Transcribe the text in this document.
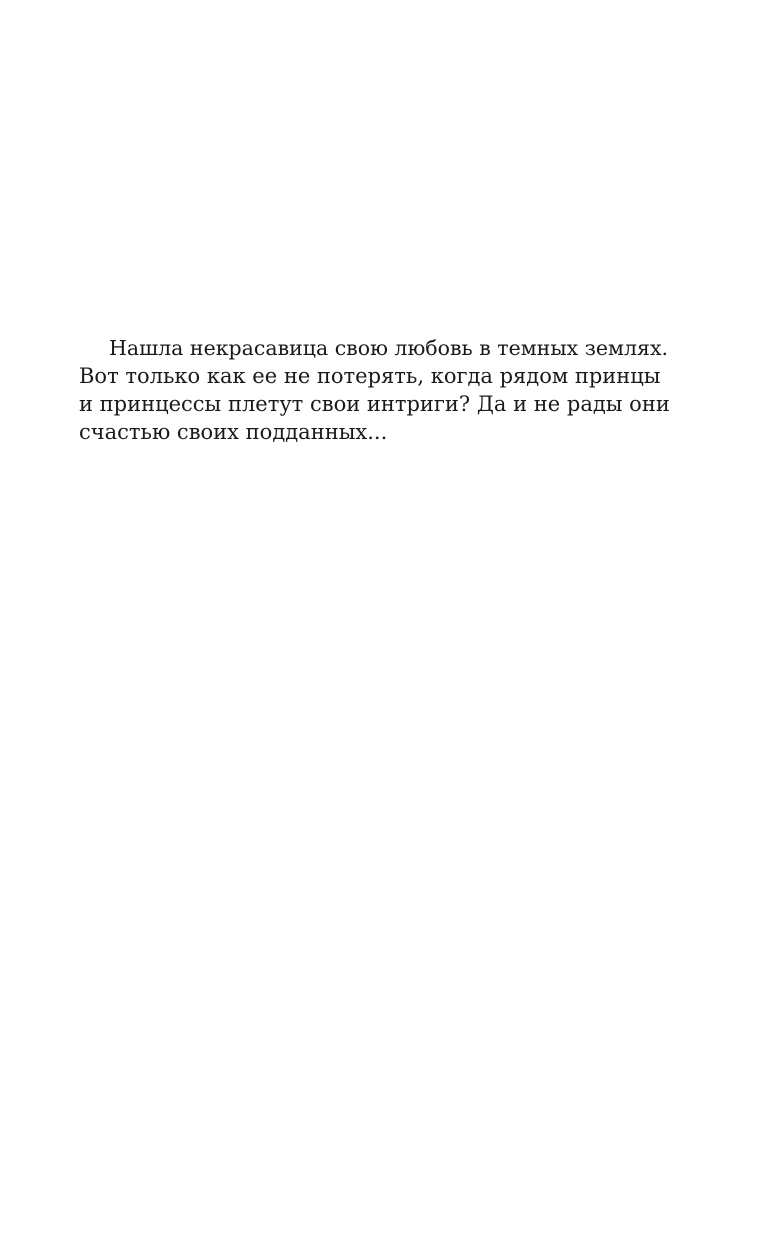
Нашла некрасавица свою любовь в темных землях.
Вот только как ее не потерять, когда рядом принцы
и принцессы плетут свои интриги? Да и не рады они
счастью своих подданных...
